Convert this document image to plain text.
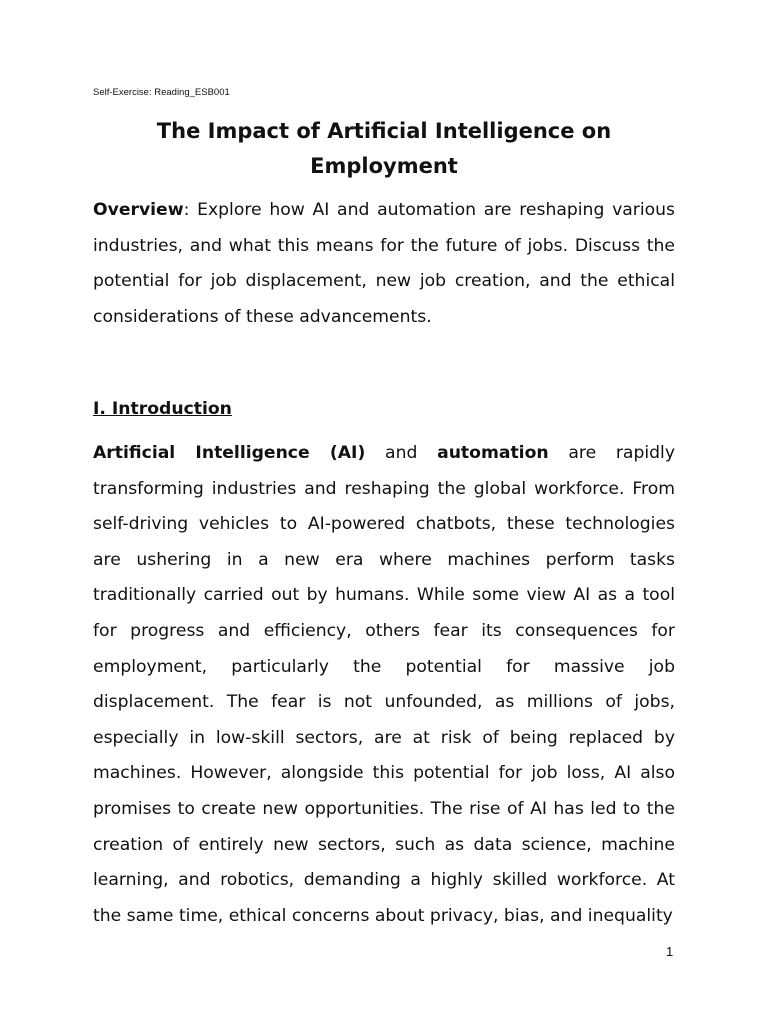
Self-Exercise: Reading_ESB001
The Impact of Artificial Intelligence on Employment

Overview: Explore how AI and automation are reshaping various industries, and what this means for the future of jobs. Discuss the potential for job displacement, new job creation, and the ethical considerations of these advancements.

I. Introduction

Artificial Intelligence (AI) and automation are rapidly transforming industries and reshaping the global workforce. From self-driving vehicles to AI-powered chatbots, these technologies are ushering in a new era where machines perform tasks traditionally carried out by humans. While some view AI as a tool for progress and efficiency, others fear its consequences for employment, particularly the potential for massive job displacement. The fear is not unfounded, as millions of jobs, especially in low-skill sectors, are at risk of being replaced by machines. However, alongside this potential for job loss, AI also promises to create new opportunities. The rise of AI has led to the creation of entirely new sectors, such as data science, machine learning, and robotics, demanding a highly skilled workforce. At the same time, ethical concerns about privacy, bias, and inequality

1
